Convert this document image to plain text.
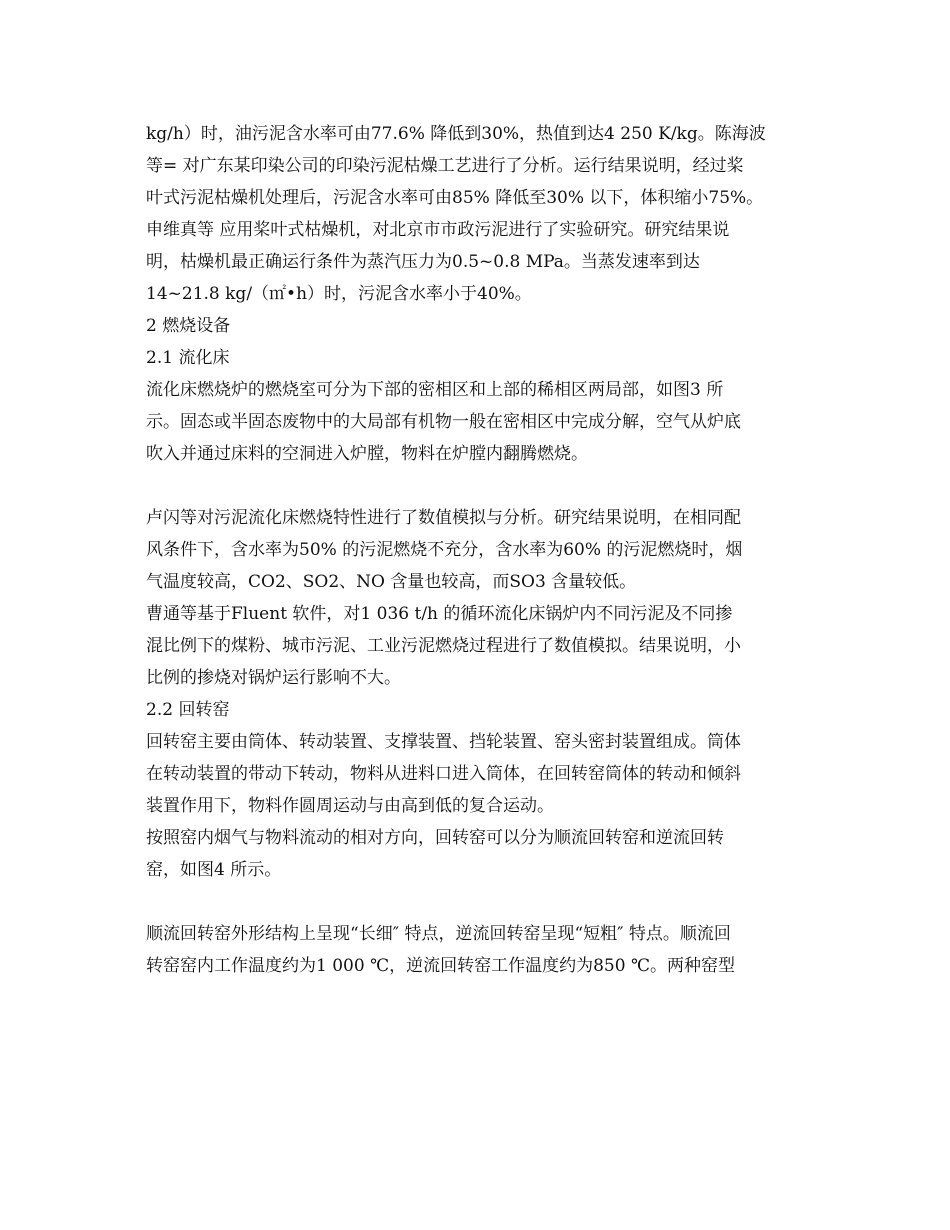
kg/h）时，油污泥含水率可由77.6% 降低到30%，热值到达4 250 K/kg。陈海波

等= 对广东某印染公司的印染污泥枯燥工艺进行了分析。运行结果说明，经过桨

叶式污泥枯燥机处理后，污泥含水率可由85% 降低至30% 以下，体积缩小75%。

申维真等 应用桨叶式枯燥机，对北京市市政污泥进行了实验研究。研究结果说

明，枯燥机最正确运行条件为蒸汽压力为0.5~0.8 MPa。当蒸发速率到达

14~21.8 kg/（㎡•h）时，污泥含水率小于40%。

2 燃烧设备

2.1 流化床

流化床燃烧炉的燃烧室可分为下部的密相区和上部的稀相区两局部，如图3 所

示。固态或半固态废物中的大局部有机物一般在密相区中完成分解，空气从炉底

吹入并通过床料的空洞进入炉膛，物料在炉膛内翻腾燃烧。

卢闪等对污泥流化床燃烧特性进行了数值模拟与分析。研究结果说明，在相同配

风条件下，含水率为50% 的污泥燃烧不充分，含水率为60% 的污泥燃烧时，烟

气温度较高，CO2、SO2、NO 含量也较高，而SO3 含量较低。

曹通等基于Fluent 软件，对1 036 t/h 的循环流化床锅炉内不同污泥及不同掺

混比例下的煤粉、城市污泥、工业污泥燃烧过程进行了数值模拟。结果说明，小

比例的掺烧对锅炉运行影响不大。

2.2 回转窑

回转窑主要由筒体、转动装置、支撑装置、挡轮装置、窑头密封装置组成。筒体

在转动装置的带动下转动，物料从进料口进入筒体，在回转窑筒体的转动和倾斜

装置作用下，物料作圆周运动与由高到低的复合运动。

按照窑内烟气与物料流动的相对方向，回转窑可以分为顺流回转窑和逆流回转

窑，如图4 所示。

顺流回转窑外形结构上呈现“长细″ 特点，逆流回转窑呈现“短粗″ 特点。顺流回

转窑窑内工作温度约为1 000 ℃，逆流回转窑工作温度约为850 ℃。两种窑型
